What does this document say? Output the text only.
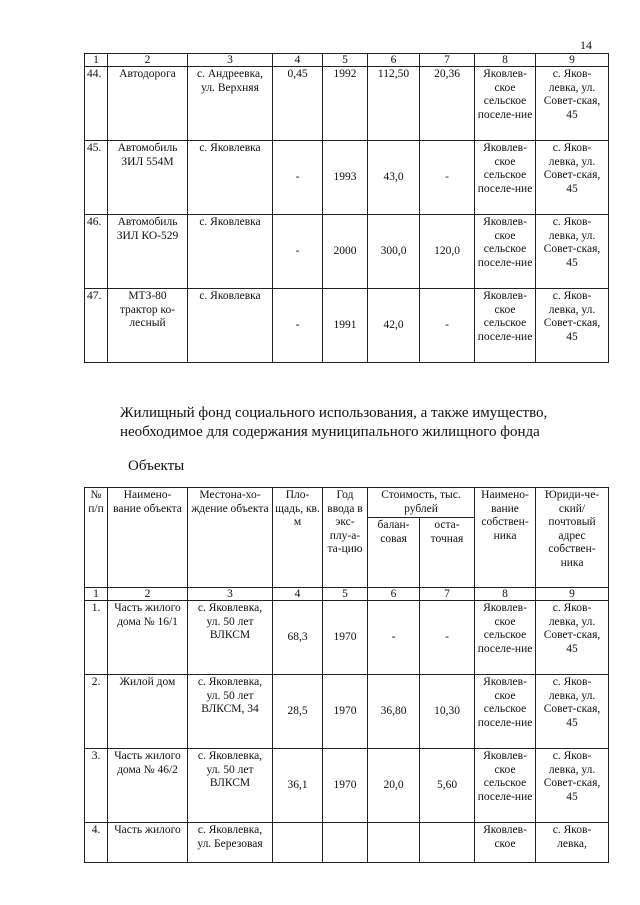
14
1	2	3	4	5	6	7	8	9
44.	Автодорога	с. Андреевка, ул. Верхняя	0,45	1992	112,50	20,36	Яковлев-ское сельское поселе-ние	с. Яков-левка, ул. Совет-ская, 45
45.	Автомобиль ЗИЛ 554М	с. Яковлевка	-	1993	43,0	-	Яковлев-ское сельское поселе-ние	с. Яков-левка, ул. Совет-ская, 45
46.	Автомобиль ЗИЛ КО-529	с. Яковлевка	-	2000	300,0	120,0	Яковлев-ское сельское поселе-ние	с. Яков-левка, ул. Совет-ская, 45
47.	МТЗ-80 трактор ко-лесный	с. Яковлевка	-	1991	42,0	-	Яковлев-ское сельское поселе-ние	с. Яков-левка, ул. Совет-ская, 45
Жилищный фонд социального использования, а также имущество,
необходимое для содержания муниципального жилищного фонда
Объекты
№ п/п	Наимено-вание объекта	Местона-хо-ждение объекта	Пло-щадь, кв. м	Год ввода в экс-плу-а-та-цию	Стоимость, тыс. рублей		Наимено-вание собствен-ника	Юриди-че-ский/ почтовый адрес собствен-ника
					балан-совая	оста-точная		
1	2	3	4	5	6	7	8	9
1.	Часть жилого дома № 16/1	с. Яковлевка, ул. 50 лет ВЛКСМ	68,3	1970	-	-	Яковлев-ское сельское поселе-ние	с. Яков-левка, ул. Совет-ская, 45
2.	Жилой дом	с. Яковлевка, ул. 50 лет ВЛКСМ, 34	28,5	1970	36,80	10,30	Яковлев-ское сельское поселе-ние	с. Яков-левка, ул. Совет-ская, 45
3.	Часть жилого дома № 46/2	с. Яковлевка, ул. 50 лет ВЛКСМ	36,1	1970	20,0	5,60	Яковлев-ское сельское поселе-ние	с. Яков-левка, ул. Совет-ская, 45
4.	Часть жилого	с. Яковлевка, ул. Березовая					Яковлев-ское	с. Яков-левка,
